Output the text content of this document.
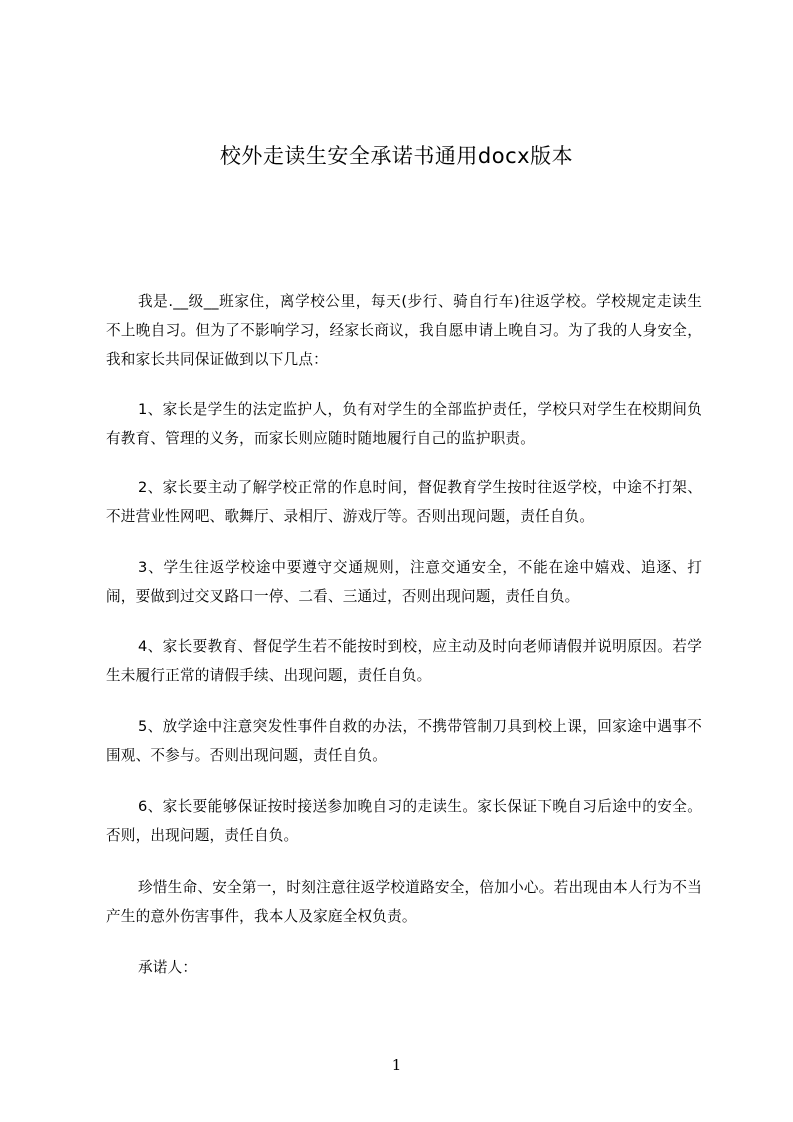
校外走读生安全承诺书通用docx版本

我是.__级__班家住，离学校公里，每天(步行、骑自行车)往返学校。学校规定走读生不上晚自习。但为了不影响学习，经家长商议，我自愿申请上晚自习。为了我的人身安全，我和家长共同保证做到以下几点：

1、家长是学生的法定监护人，负有对学生的全部监护责任，学校只对学生在校期间负有教育、管理的义务，而家长则应随时随地履行自己的监护职责。

2、家长要主动了解学校正常的作息时间，督促教育学生按时往返学校，中途不打架、不进营业性网吧、歌舞厅、录相厅、游戏厅等。否则出现问题，责任自负。

3、学生往返学校途中要遵守交通规则，注意交通安全，不能在途中嬉戏、追逐、打闹，要做到过交叉路口一停、二看、三通过，否则出现问题，责任自负。

4、家长要教育、督促学生若不能按时到校，应主动及时向老师请假并说明原因。若学生未履行正常的请假手续、出现问题，责任自负。

5、放学途中注意突发性事件自救的办法，不携带管制刀具到校上课，回家途中遇事不围观、不参与。否则出现问题，责任自负。

6、家长要能够保证按时接送参加晚自习的走读生。家长保证下晚自习后途中的安全。否则，出现问题，责任自负。

珍惜生命、安全第一，时刻注意往返学校道路安全，倍加小心。若出现由本人行为不当产生的意外伤害事件，我本人及家庭全权负责。

承诺人：

1
